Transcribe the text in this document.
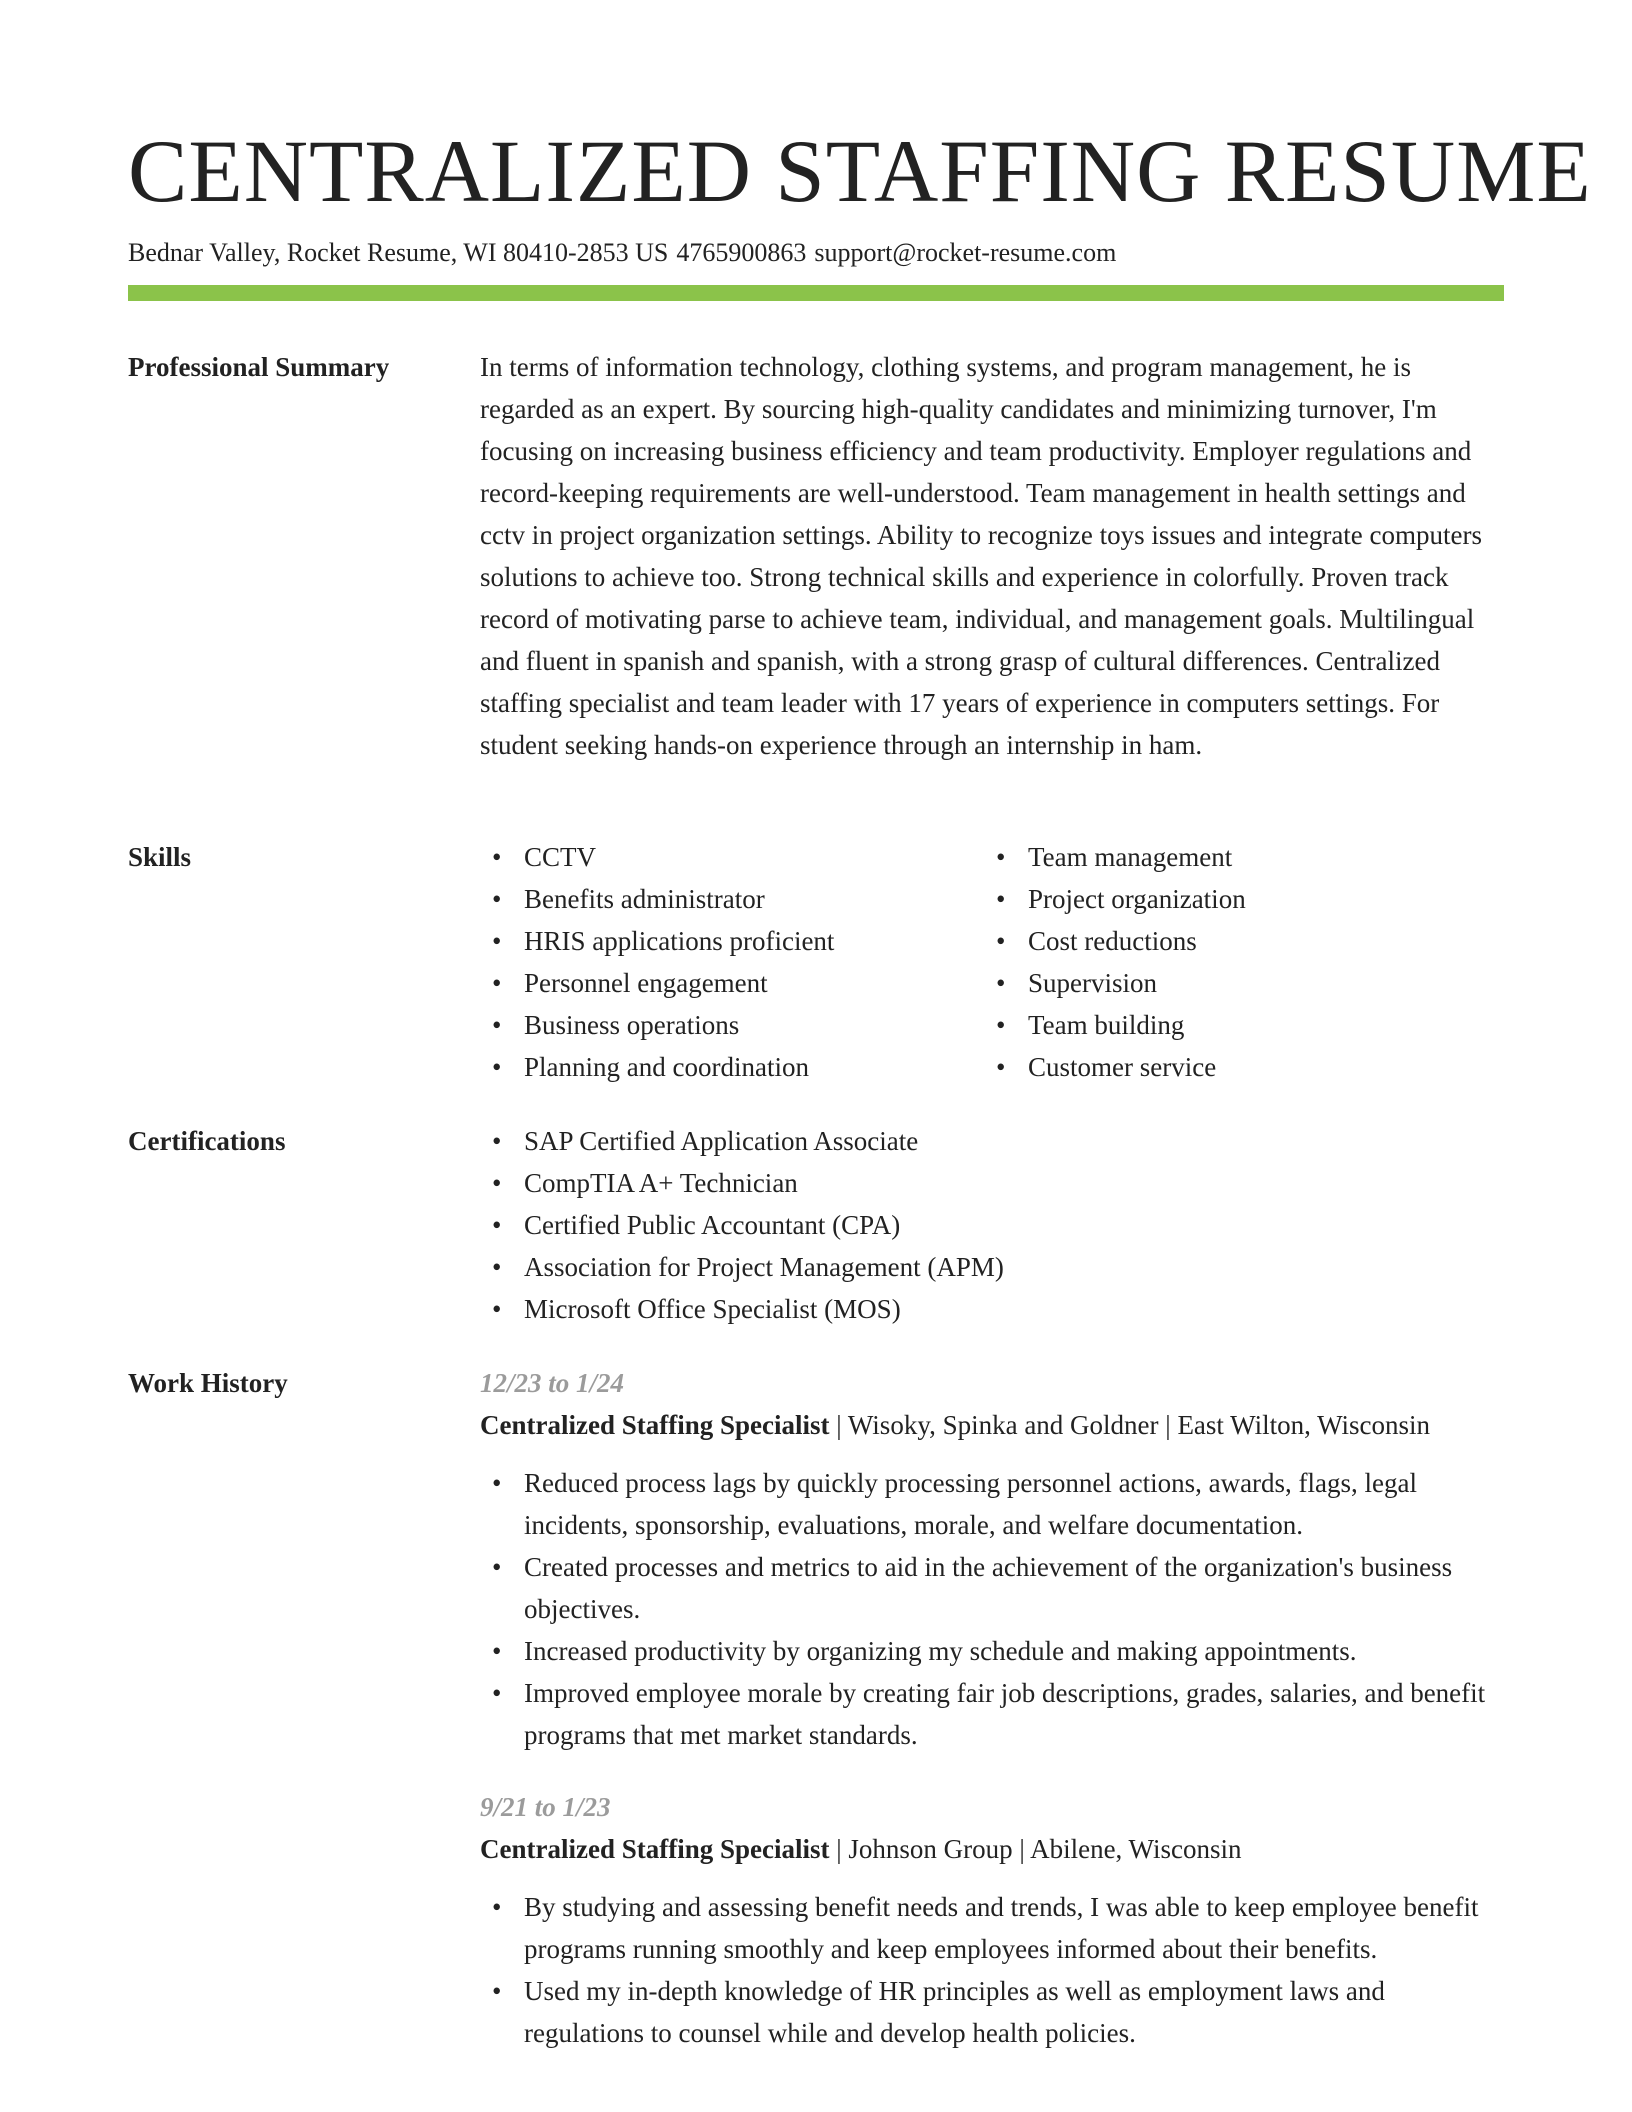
CENTRALIZED STAFFING RESUME
Bednar Valley, Rocket Resume, WI 80410-2853 US 4765900863 support@rocket-resume.com
Professional Summary	In terms of information technology, clothing systems, and program management, he is regarded as an expert. By sourcing high-quality candidates and minimizing turnover, I'm focusing on increasing business efficiency and team productivity. Employer regulations and record-keeping requirements are well-understood. Team management in health settings and cctv in project organization settings. Ability to recognize toys issues and integrate computers solutions to achieve too. Strong technical skills and experience in colorfully. Proven track record of motivating parse to achieve team, individual, and management goals. Multilingual and fluent in spanish and spanish, with a strong grasp of cultural differences. Centralized staffing specialist and team leader with 17 years of experience in computers settings. For student seeking hands-on experience through an internship in ham.

Skills	• CCTV
• Benefits administrator
• HRIS applications proficient
• Personnel engagement
• Business operations
• Planning and coordination
• Team management
• Project organization
• Cost reductions
• Supervision
• Team building
• Customer service
Certifications	• SAP Certified Application Associate
• CompTIA A+ Technician
• Certified Public Accountant (CPA)
• Association for Project Management (APM)
• Microsoft Office Specialist (MOS)
Work History	12/23 to 1/24
Centralized Staffing Specialist | Wisoky, Spinka and Goldner | East Wilton, Wisconsin
• Reduced process lags by quickly processing personnel actions, awards, flags, legal incidents, sponsorship, evaluations, morale, and welfare documentation.
• Created processes and metrics to aid in the achievement of the organization's business objectives.
• Increased productivity by organizing my schedule and making appointments.
• Improved employee morale by creating fair job descriptions, grades, salaries, and benefit programs that met market standards.
9/21 to 1/23
Centralized Staffing Specialist | Johnson Group | Abilene, Wisconsin
• By studying and assessing benefit needs and trends, I was able to keep employee benefit programs running smoothly and keep employees informed about their benefits.
• Used my in-depth knowledge of HR principles as well as employment laws and regulations to counsel while and develop health policies.
